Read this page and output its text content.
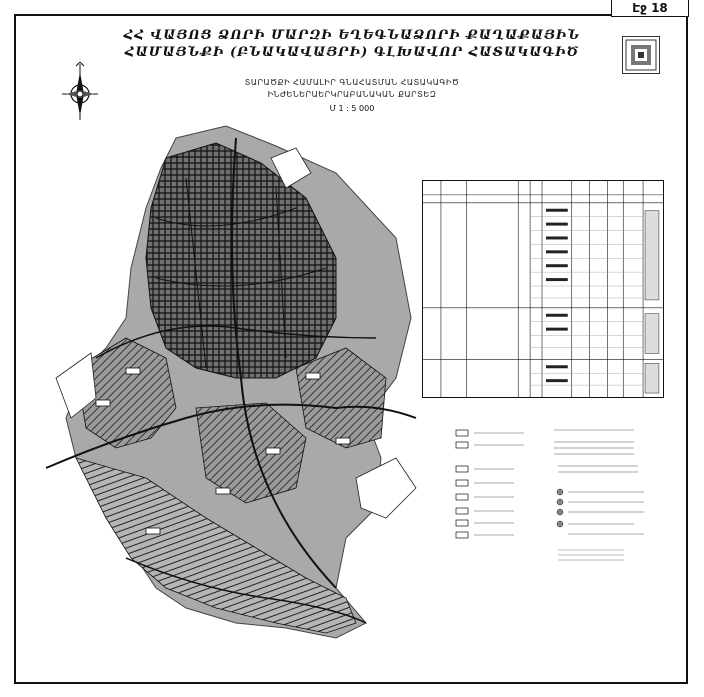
Էջ 18
ՀՀ ՎԱՅՈՑ ՁՈՐԻ ՄԱՐԶԻ ԵՂԵԳՆԱՁՈՐԻ ՔԱՂԱՔԱՅԻՆ
ՀԱՄԱՅՆՔԻ (ԲՆԱԿԱՎԱՅՐԻ) ԳԼԽԱՎՈՐ ՀԱՏԱԿԱԳԻԾ
ՏԱՐԱԾՔԻ ՀԱՄԱԼԻՐ ԳՆԱՀԱՏՄԱՆ ՀԱՏԱԿԱԳԻԾ
ԻՆԺԵՆԵՐԱԵՐԿՐԱԲԱՆԱԿԱՆ ՔԱՐՏԵԶ
Մ 1 : 5 000
